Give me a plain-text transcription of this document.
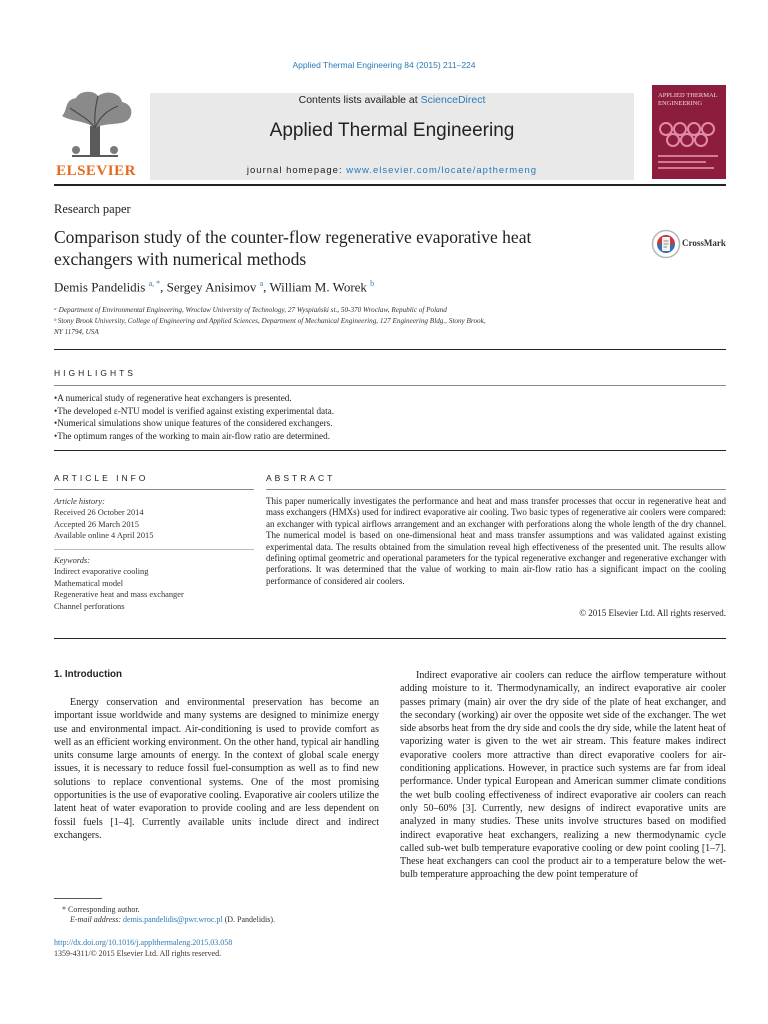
Applied Thermal Engineering 84 (2015) 211–224
ELSEVIER
Contents lists available at ScienceDirect
Applied Thermal Engineering
journal homepage: www.elsevier.com/locate/apthermeng
APPLIED THERMAL ENGINEERING
Research paper
Comparison study of the counter-flow regenerative evaporative heat
exchangers with numerical methods
CrossMark
Demis Pandelidis $^{a, *}$, Sergey Anisimov $^a$, William M. Worek $^b$
ᵃ Department of Environmental Engineering, Wroclaw University of Technology, 27 Wyspiański st., 50-370 Wroclaw, Republic of Poland
ᵇ Stony Brook University, College of Engineering and Applied Sciences, Department of Mechanical Engineering, 127 Engineering Bldg., Stony Brook,
NY 11794, USA
HIGHLIGHTS
• A numerical study of regenerative heat exchangers is presented.
• The developed ε-NTU model is verified against existing experimental data.
• Numerical simulations show unique features of the considered exchangers.
• The optimum ranges of the working to main air-flow ratio are determined.
ARTICLE INFO
Article history:
Received 26 October 2014
Accepted 26 March 2015
Available online 4 April 2015
Keywords:
Indirect evaporative cooling
Mathematical model
Regenerative heat and mass exchanger
Channel perforations
ABSTRACT
This paper numerically investigates the performance and heat and mass transfer processes that occur in regenerative heat and mass exchangers (HMXs) used for indirect evaporative air cooling. Two basic types of regenerative air coolers were compared: an exchanger with typical airflows arrangement and an exchanger with perforations along the whole length of the dry channel. The numerical model is based on one-dimensional heat and mass transfer assumptions and was validated against existing experimental data. The results obtained from the simulation reveal high effectiveness of the presented unit. The results allow defining optimal geometric and operational parameters for the typical regenerative exchanger and regenerative exchanger with perforations. It was determined that the value of working to main air-flow ratio has a significant impact on the cooling performance of considered air coolers.
© 2015 Elsevier Ltd. All rights reserved.
1. Introduction
Energy conservation and environmental preservation has become an important issue worldwide and many systems are designed to minimize energy use and environmental impact. Air-conditioning is used to provide comfort as well as an efficient working environment. On the other hand, typical air handling units consume large amounts of energy. In the context of global scale energy issues, it is necessary to reduce fossil fuel-consumption as well as to find new solutions to replace conventional systems. One of the most promising opportunities is the use of evaporative cooling. Evaporative air coolers utilize the latent heat of water evaporation to provide cooling and are less dependent on fossil fuels [1–4]. Currently available units include direct and indirect exchangers.
Indirect evaporative air coolers can reduce the airflow temperature without adding moisture to it. Thermodynamically, an indirect evaporative air cooler passes primary (main) air over the dry side of the plate of heat exchanger, and the secondary (working) air over the opposite wet side of the exchanger. The wet side absorbs heat from the dry side and cools the dry side, while the latent heat of vaporizing water is given to the wet air stream. This feature makes indirect evaporative coolers more attractive than direct evaporative coolers for air-conditioning applications. However, in practice such systems are far from ideal performance. Under typical European and American summer climate conditions the wet bulb cooling effectiveness of indirect evaporative air coolers can reach only 50–60% [3]. Currently, new designs of indirect evaporative units are analyzed in many studies. These units involve structures based on modified indirect evaporative heat exchangers, realizing a new thermodynamic cycle called sub-wet bulb temperature evaporative cooling or dew point cooling [1–7]. These heat exchangers can cool the product air to a temperature below the wet-bulb temperature approaching the dew point temperature of
* Corresponding author.
E-mail address: demis.pandelidis@pwr.wroc.pl (D. Pandelidis).
http://dx.doi.org/10.1016/j.applthermaleng.2015.03.058
1359-4311/© 2015 Elsevier Ltd. All rights reserved.
